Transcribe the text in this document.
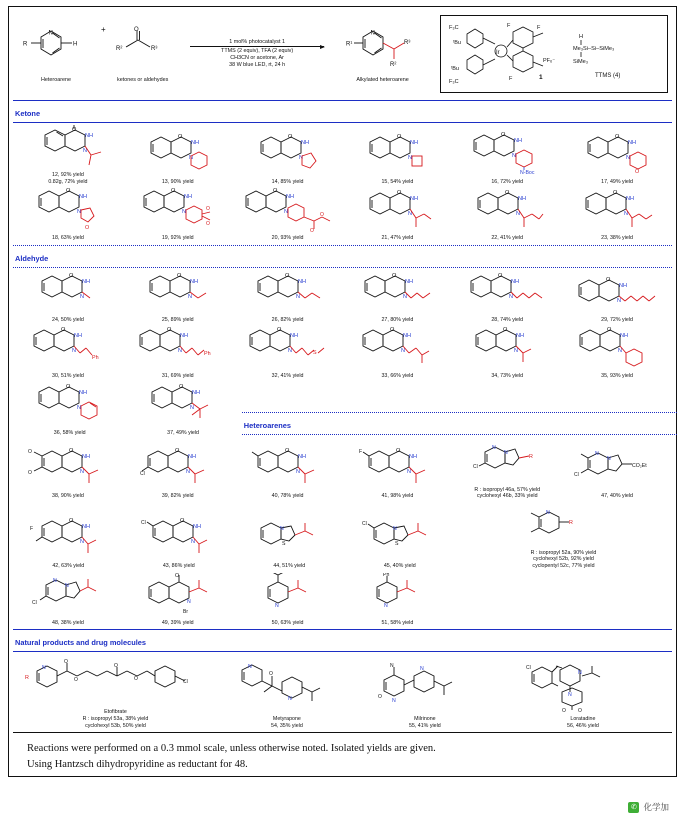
N
R	H
Heteroarene
+	O
R²	R³
ketones or aldehydes
1 mol% photocatalyst 1
TTMS (2 equiv), TFA (2 equiv)
CH3CN or acetone, Ar
38 W blue LED, rt, 24 h
N
R¹	R³
R²
Alkylated heteroarene
Ir
F₃C
F₃C
ᵗBu
ᵗBu
F	F
F	1
PF₆⁻
H
Me₃Si–Si–SiMe₃
SiMe₃
TTMS (4)
Ketone
O
NH
N
12, 92% yield
0.82g, 72% yield
O
NH
N
13, 90% yield
O
NH
N
14, 85% yield
O
NH
N
15, 54% yield
O
NH
N
N-Boc
16, 72% yield
O
NH
N
O
17, 49% yield
O
NH
N
O
18, 63% yield
O
NH
N	O
O
19, 92% yield
O
NH
N
O
O
20, 93% yield
O
NH
N
21, 47% yield
O
NH
N
22, 41% yield
O
NH
N
23, 38% yield
Aldehyde
O
NH
N
24, 50% yield
O
NH
N
25, 89% yield
O
NH
N
26, 82% yield
O
NH
N
27, 80% yield
O
NH
N
28, 74% yield
O
NH
N
29, 72% yield
O
NH
N
Ph
30, 51% yield
O
NH
N	Ph
31, 69% yield
O
NH
N	S
32, 41% yield
O
NH
N
33, 66% yield
O
NH
N
34, 73% yield
O
NH
N
35, 93% yield
O
NH
N
36, 58% yield
O
NH
N
37, 49% yield
Heteroarenes
O
O
O
NH
N
38, 90% yield
Cl
O
NH
N
39, 82% yield
O
NH
N
40, 78% yield
F	O
NH
N
41, 98% yield
N
N
R
Cl
R : isopropyl 46a, 57% yield
cyclohexyl 46b, 33% yield
N
N
Cl
CO₂Et
47, 40% yield
F
O
NH
N
42, 63% yield
Cl	O
NH
N
43, 86% yield
N
S
44, 51% yield
Cl
N
S
45, 40% yield
N
R
R : isopropyl 52a, 90% yield
cyclohexyl 52b, 92% yield
cyclopentyl 52c, 77% yield
N
N
Cl
48, 38% yield
O
N
Br
49, 39% yield
N
50, 63% yield
Ph
N
51, 58% yield
Natural products and drug molecules
N
R
O
O
O
O	Cl
Etofibrate
R : isopropyl 53a, 38% yield
cyclohexyl 53b, 50% yield
N
O
N
Metyrapone
54, 35% yield
N
O
N
N
Milrinone
55, 41% yield
Cl
N
O O
N
Loratadine
56, 46% yield
Reactions were performed on a 0.3 mmol scale, unless otherwise noted. Isolated yields are given.
Using Hantzsch dihydropyridine as reductant for 48.
✆ 化学加
